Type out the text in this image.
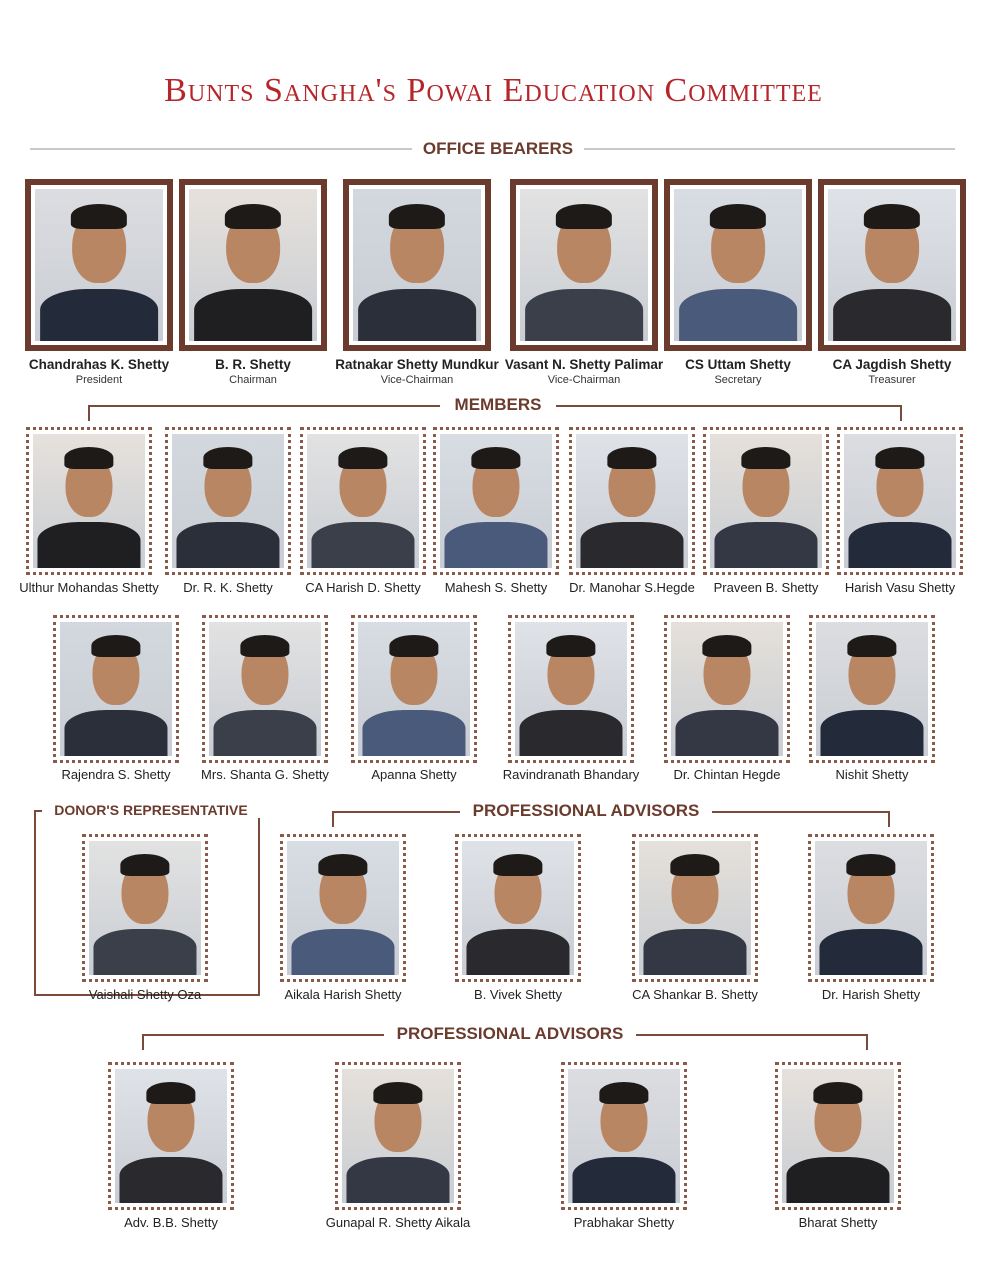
Bunts Sangha's Powai Education Committee
OFFICE BEARERS
Chandrahas K. Shetty
President
B. R. Shetty
Chairman
Ratnakar Shetty Mundkur
Vice-Chairman
Vasant N. Shetty Palimar
Vice-Chairman
CS Uttam Shetty
Secretary
CA Jagdish Shetty
Treasurer
MEMBERS
Ulthur Mohandas Shetty	Dr. R. K. Shetty	CA Harish D. Shetty	Mahesh S. Shetty	Dr. Manohar S.Hegde	Praveen B. Shetty	Harish Vasu Shetty
Rajendra S. Shetty	Mrs. Shanta G. Shetty	Apanna Shetty	Ravindranath Bhandary	Dr. Chintan Hegde	Nishit Shetty
DONOR'S REPRESENTATIVE
Vaishali Shetty Oza
PROFESSIONAL ADVISORS
Aikala Harish Shetty	B. Vivek Shetty	CA Shankar B. Shetty	Dr. Harish Shetty
PROFESSIONAL ADVISORS
Adv. B.B. Shetty	Gunapal R. Shetty Aikala	Prabhakar Shetty	Bharat Shetty
